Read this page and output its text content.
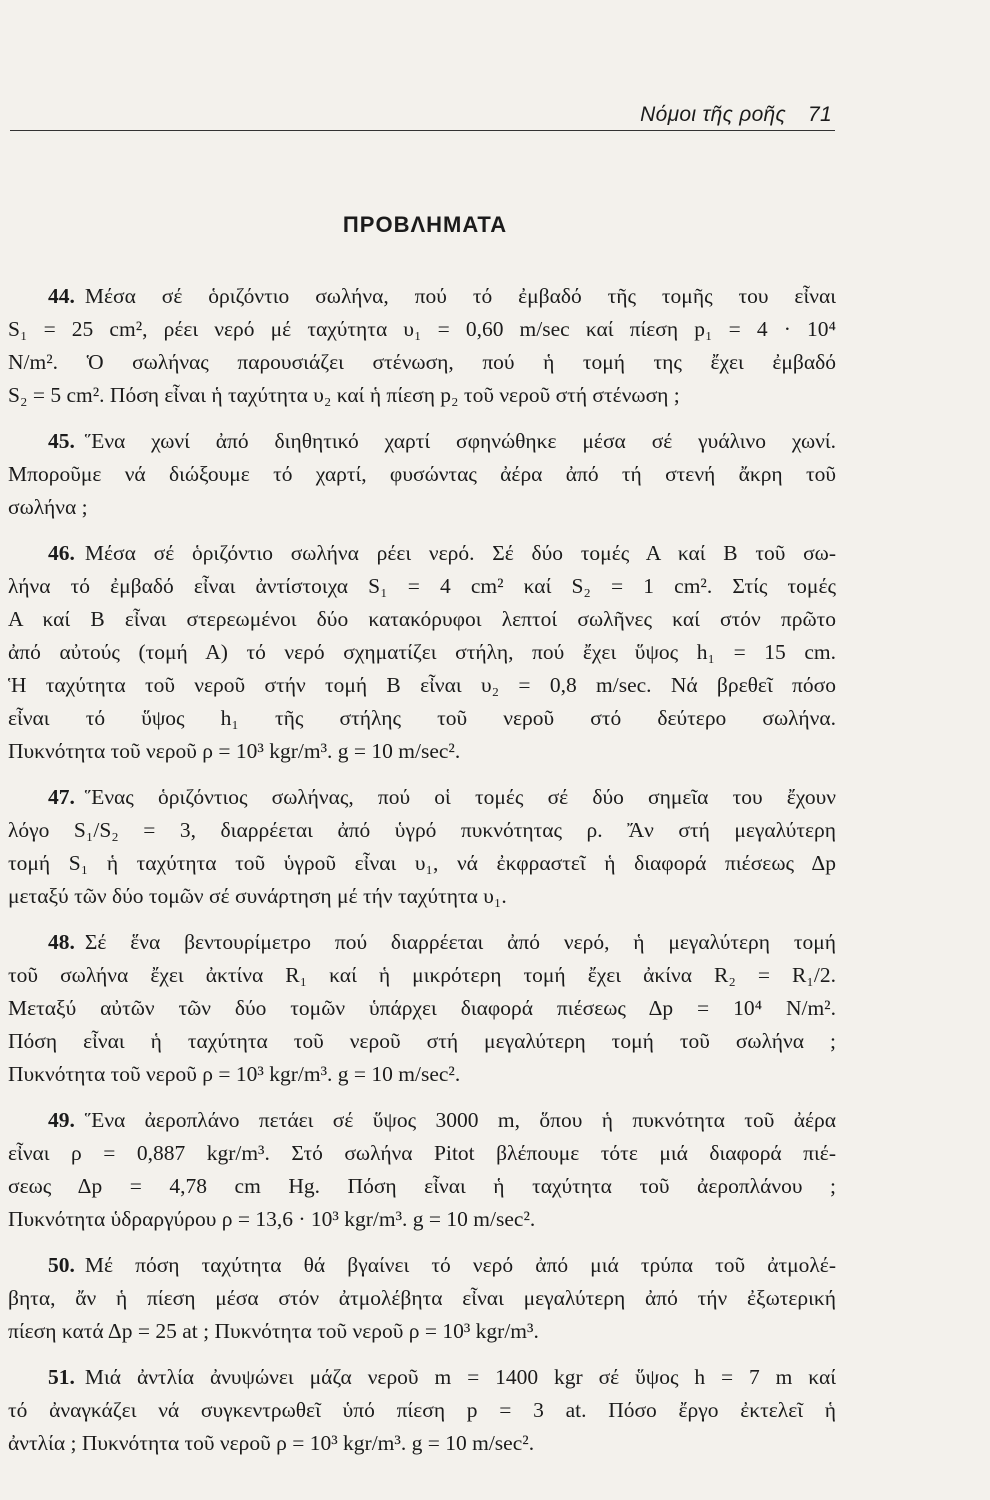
Νόμοι τῆς ροῆς 71
ΠΡΟΒΛΗΜΑΤΑ
44. Μέσα σέ ὁριζόντιο σωλήνα, πού τό ἐμβαδό τῆς τομῆς του εἶναι
S₁ = 25 cm², ρέει νερό μέ ταχύτητα υ₁ = 0,60 m/sec καί πίεση p₁ = 4 · 10⁴
N/m². Ὁ σωλήνας παρουσιάζει στένωση, πού ἡ τομή της ἔχει ἐμβαδό
S₂ = 5 cm². Πόση εἶναι ἡ ταχύτητα υ₂ καί ἡ πίεση p₂ τοῦ νεροῦ στή στένωση ;
45. Ἕνα χωνί ἀπό διηθητικό χαρτί σφηνώθηκε μέσα σέ γυάλινο χωνί.
Μποροῦμε νά διώξουμε τό χαρτί, φυσώντας ἀέρα ἀπό τή στενή ἄκρη τοῦ
σωλήνα ;
46. Μέσα σέ ὁριζόντιο σωλήνα ρέει νερό. Σέ δύο τομές Α καί Β τοῦ σω-
λήνα τό ἐμβαδό εἶναι ἀντίστοιχα S₁ = 4 cm² καί S₂ = 1 cm². Στίς τομές
Α καί Β εἶναι στερεωμένοι δύο κατακόρυφοι λεπτοί σωλῆνες καί στόν πρῶτο
ἀπό αὐτούς (τομή Α) τό νερό σχηματίζει στήλη, πού ἔχει ὕψος h₁ = 15 cm.
Ἡ ταχύτητα τοῦ νεροῦ στήν τομή Β εἶναι υ₂ = 0,8 m/sec. Νά βρεθεῖ πόσο
εἶναι τό ὕψος h₁ τῆς στήλης τοῦ νεροῦ στό δεύτερο σωλήνα.
Πυκνότητα τοῦ νεροῦ ρ = 10³ kgr/m³. g = 10 m/sec².
47. Ἕνας ὁριζόντιος σωλήνας, πού οἱ τομές σέ δύο σημεῖα του ἔχουν
λόγο S₁/S₂ = 3, διαρρέεται ἀπό ὑγρό πυκνότητας ρ. Ἄν στή μεγαλύτερη
τομή S₁ ἡ ταχύτητα τοῦ ὑγροῦ εἶναι υ₁, νά ἐκφραστεῖ ἡ διαφορά πιέσεως Δp
μεταξύ τῶν δύο τομῶν σέ συνάρτηση μέ τήν ταχύτητα υ₁.
48. Σέ ἕνα βεντουρίμετρο πού διαρρέεται ἀπό νερό, ἡ μεγαλύτερη τομή
τοῦ σωλήνα ἔχει ἀκτίνα R₁ καί ἡ μικρότερη τομή ἔχει ἀκίνα R₂ = R₁/2.
Μεταξύ αὐτῶν τῶν δύο τομῶν ὑπάρχει διαφορά πιέσεως Δp = 10⁴ N/m².
Πόση εἶναι ἡ ταχύτητα τοῦ νεροῦ στή μεγαλύτερη τομή τοῦ σωλήνα ;
Πυκνότητα τοῦ νεροῦ ρ = 10³ kgr/m³. g = 10 m/sec².
49. Ἕνα ἀεροπλάνο πετάει σέ ὕψος 3000 m, ὅπου ἡ πυκνότητα τοῦ ἀέρα
εἶναι ρ = 0,887 kgr/m³. Στό σωλήνα Pitot βλέπουμε τότε μιά διαφορά πιέ-
σεως Δp = 4,78 cm Hg. Πόση εἶναι ἡ ταχύτητα τοῦ ἀεροπλάνου ;
Πυκνότητα ὑδραργύρου ρ = 13,6 · 10³ kgr/m³. g = 10 m/sec².
50. Μέ πόση ταχύτητα θά βγαίνει τό νερό ἀπό μιά τρύπα τοῦ ἀτμολέ-
βητα, ἄν ἡ πίεση μέσα στόν ἀτμολέβητα εἶναι μεγαλύτερη ἀπό τήν ἐξωτερική
πίεση κατά Δp = 25 at ; Πυκνότητα τοῦ νεροῦ ρ = 10³ kgr/m³.
51. Μιά ἀντλία ἀνυψώνει μάζα νεροῦ m = 1400 kgr σέ ὕψος h = 7 m καί
τό ἀναγκάζει νά συγκεντρωθεῖ ὑπό πίεση p = 3 at. Πόσο ἔργο ἐκτελεῖ ἡ
ἀντλία ; Πυκνότητα τοῦ νεροῦ ρ = 10³ kgr/m³. g = 10 m/sec².
